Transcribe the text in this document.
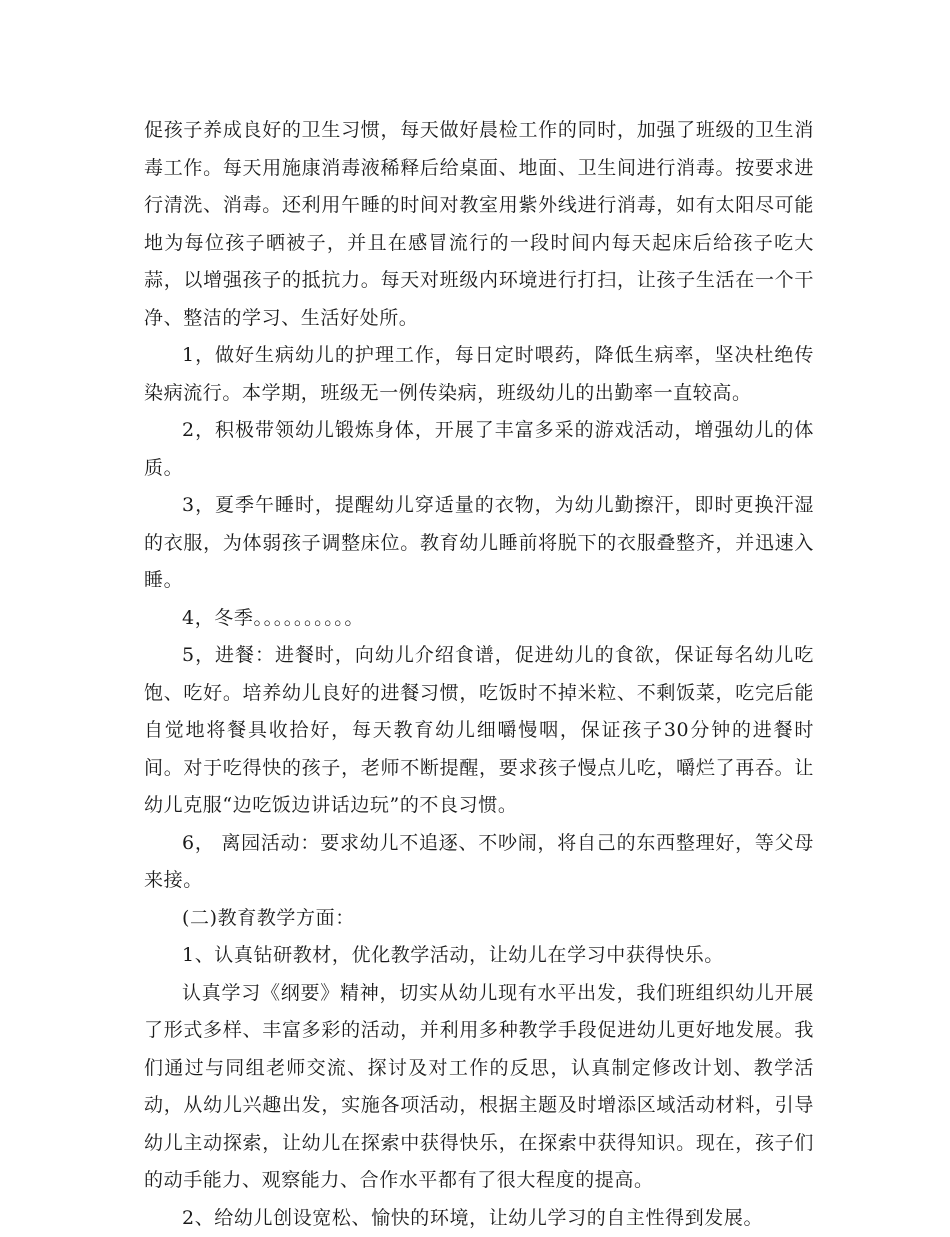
促孩子养成良好的卫生习惯，每天做好晨检工作的同时，加强了班级的卫生消毒工作。每天用施康消毒液稀释后给桌面、地面、卫生间进行消毒。按要求进行清洗、消毒。还利用午睡的时间对教室用紫外线进行消毒，如有太阳尽可能地为每位孩子晒被子，并且在感冒流行的一段时间内每天起床后给孩子吃大蒜，以增强孩子的抵抗力。每天对班级内环境进行打扫，让孩子生活在一个干净、整洁的学习、生活好处所。

1，做好生病幼儿的护理工作，每日定时喂药，降低生病率，坚决杜绝传染病流行。本学期，班级无一例传染病，班级幼儿的出勤率一直较高。

2，积极带领幼儿锻炼身体，开展了丰富多采的游戏活动，增强幼儿的体质。

3，夏季午睡时，提醒幼儿穿适量的衣物，为幼儿勤擦汗，即时更换汗湿的衣服，为体弱孩子调整床位。教育幼儿睡前将脱下的衣服叠整齐，并迅速入睡。

4，冬季。。。。。。。。。。

5，进餐：进餐时，向幼儿介绍食谱，促进幼儿的食欲，保证每名幼儿吃饱、吃好。培养幼儿良好的进餐习惯，吃饭时不掉米粒、不剩饭菜，吃完后能自觉地将餐具收拾好，每天教育幼儿细嚼慢咽，保证孩子30分钟的进餐时间。对于吃得快的孩子，老师不断提醒，要求孩子慢点儿吃，嚼烂了再吞。让幼儿克服“边吃饭边讲话边玩”的不良习惯。

6， 离园活动：要求幼儿不追逐、不吵闹，将自己的东西整理好，等父母来接。

(二)教育教学方面：

1、认真钻研教材，优化教学活动，让幼儿在学习中获得快乐。

认真学习《纲要》精神，切实从幼儿现有水平出发，我们班组织幼儿开展了形式多样、丰富多彩的活动，并利用多种教学手段促进幼儿更好地发展。我们通过与同组老师交流、探讨及对工作的反思，认真制定修改计划、教学活动，从幼儿兴趣出发，实施各项活动，根据主题及时增添区域活动材料，引导幼儿主动探索，让幼儿在探索中获得快乐，在探索中获得知识。现在，孩子们的动手能力、观察能力、合作水平都有了很大程度的提高。

2、给幼儿创设宽松、愉快的环境，让幼儿学习的自主性得到发展。
